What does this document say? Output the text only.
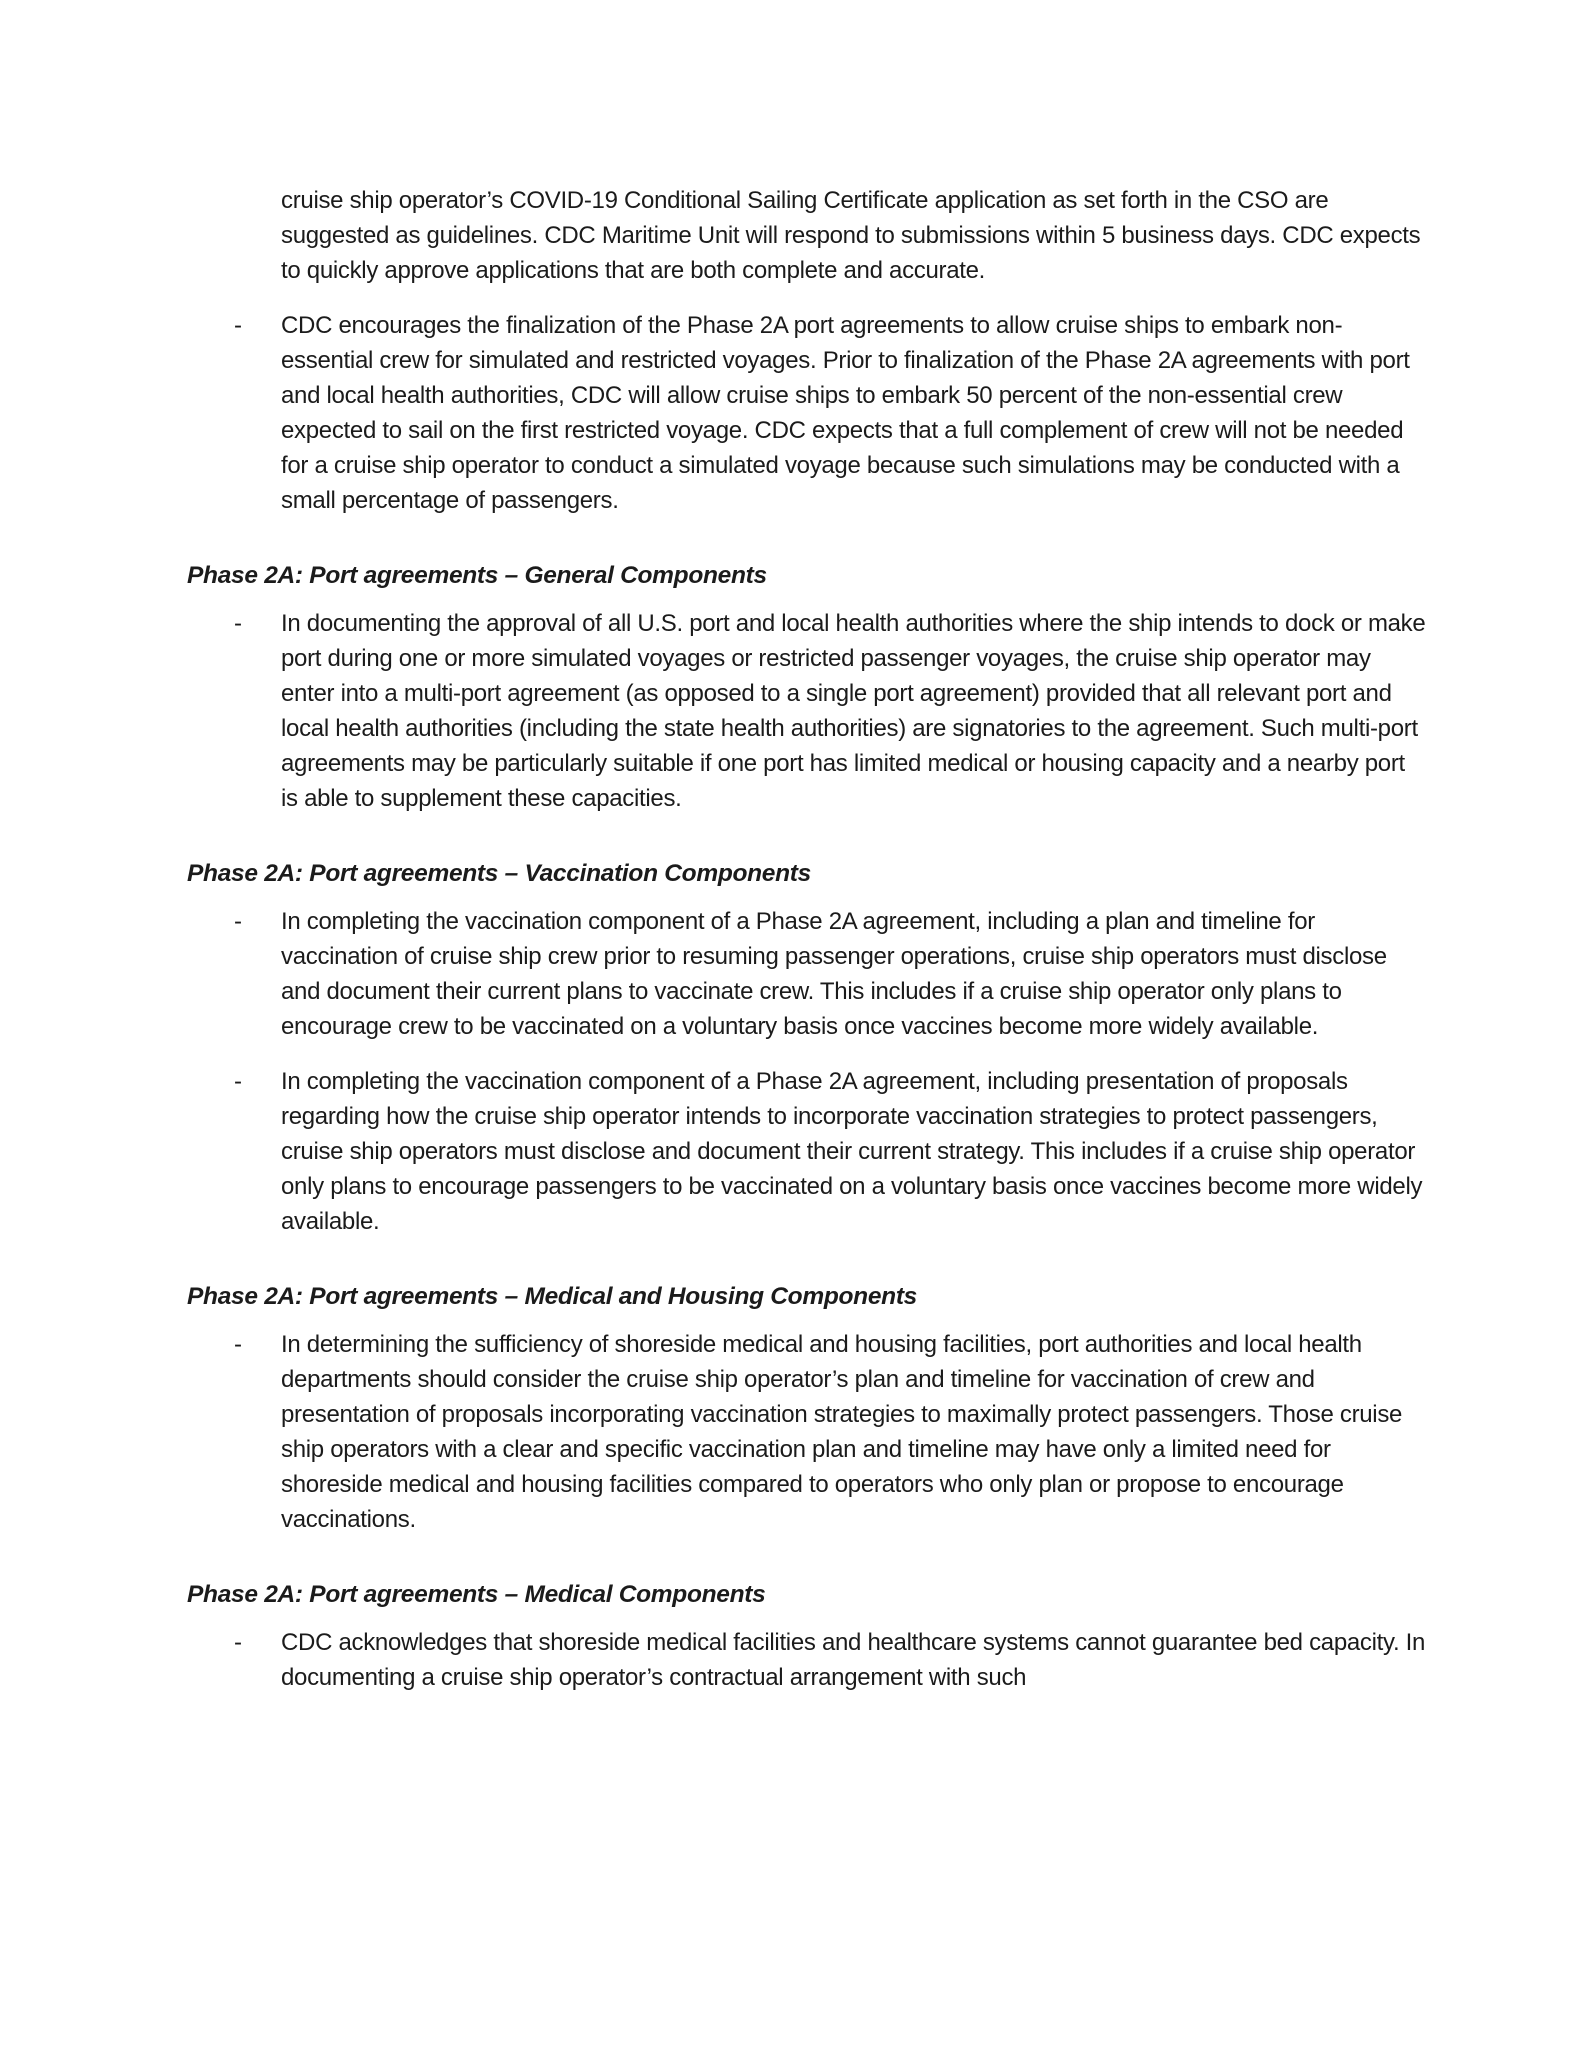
cruise ship operator’s COVID-19 Conditional Sailing Certificate application as set forth in the CSO are suggested as guidelines. CDC Maritime Unit will respond to submissions within 5 business days. CDC expects to quickly approve applications that are both complete and accurate.

- CDC encourages the finalization of the Phase 2A port agreements to allow cruise ships to embark non-essential crew for simulated and restricted voyages. Prior to finalization of the Phase 2A agreements with port and local health authorities, CDC will allow cruise ships to embark 50 percent of the non-essential crew expected to sail on the first restricted voyage. CDC expects that a full complement of crew will not be needed for a cruise ship operator to conduct a simulated voyage because such simulations may be conducted with a small percentage of passengers.
Phase 2A: Port agreements – General Components
- In documenting the approval of all U.S. port and local health authorities where the ship intends to dock or make port during one or more simulated voyages or restricted passenger voyages, the cruise ship operator may enter into a multi-port agreement (as opposed to a single port agreement) provided that all relevant port and local health authorities (including the state health authorities) are signatories to the agreement. Such multi-port agreements may be particularly suitable if one port has limited medical or housing capacity and a nearby port is able to supplement these capacities.
Phase 2A: Port agreements – Vaccination Components
- In completing the vaccination component of a Phase 2A agreement, including a plan and timeline for vaccination of cruise ship crew prior to resuming passenger operations, cruise ship operators must disclose and document their current plans to vaccinate crew. This includes if a cruise ship operator only plans to encourage crew to be vaccinated on a voluntary basis once vaccines become more widely available.
- In completing the vaccination component of a Phase 2A agreement, including presentation of proposals regarding how the cruise ship operator intends to incorporate vaccination strategies to protect passengers, cruise ship operators must disclose and document their current strategy. This includes if a cruise ship operator only plans to encourage passengers to be vaccinated on a voluntary basis once vaccines become more widely available.
Phase 2A: Port agreements – Medical and Housing Components
- In determining the sufficiency of shoreside medical and housing facilities, port authorities and local health departments should consider the cruise ship operator’s plan and timeline for vaccination of crew and presentation of proposals incorporating vaccination strategies to maximally protect passengers. Those cruise ship operators with a clear and specific vaccination plan and timeline may have only a limited need for shoreside medical and housing facilities compared to operators who only plan or propose to encourage vaccinations.
Phase 2A: Port agreements – Medical Components
- CDC acknowledges that shoreside medical facilities and healthcare systems cannot guarantee bed capacity. In documenting a cruise ship operator’s contractual arrangement with such
